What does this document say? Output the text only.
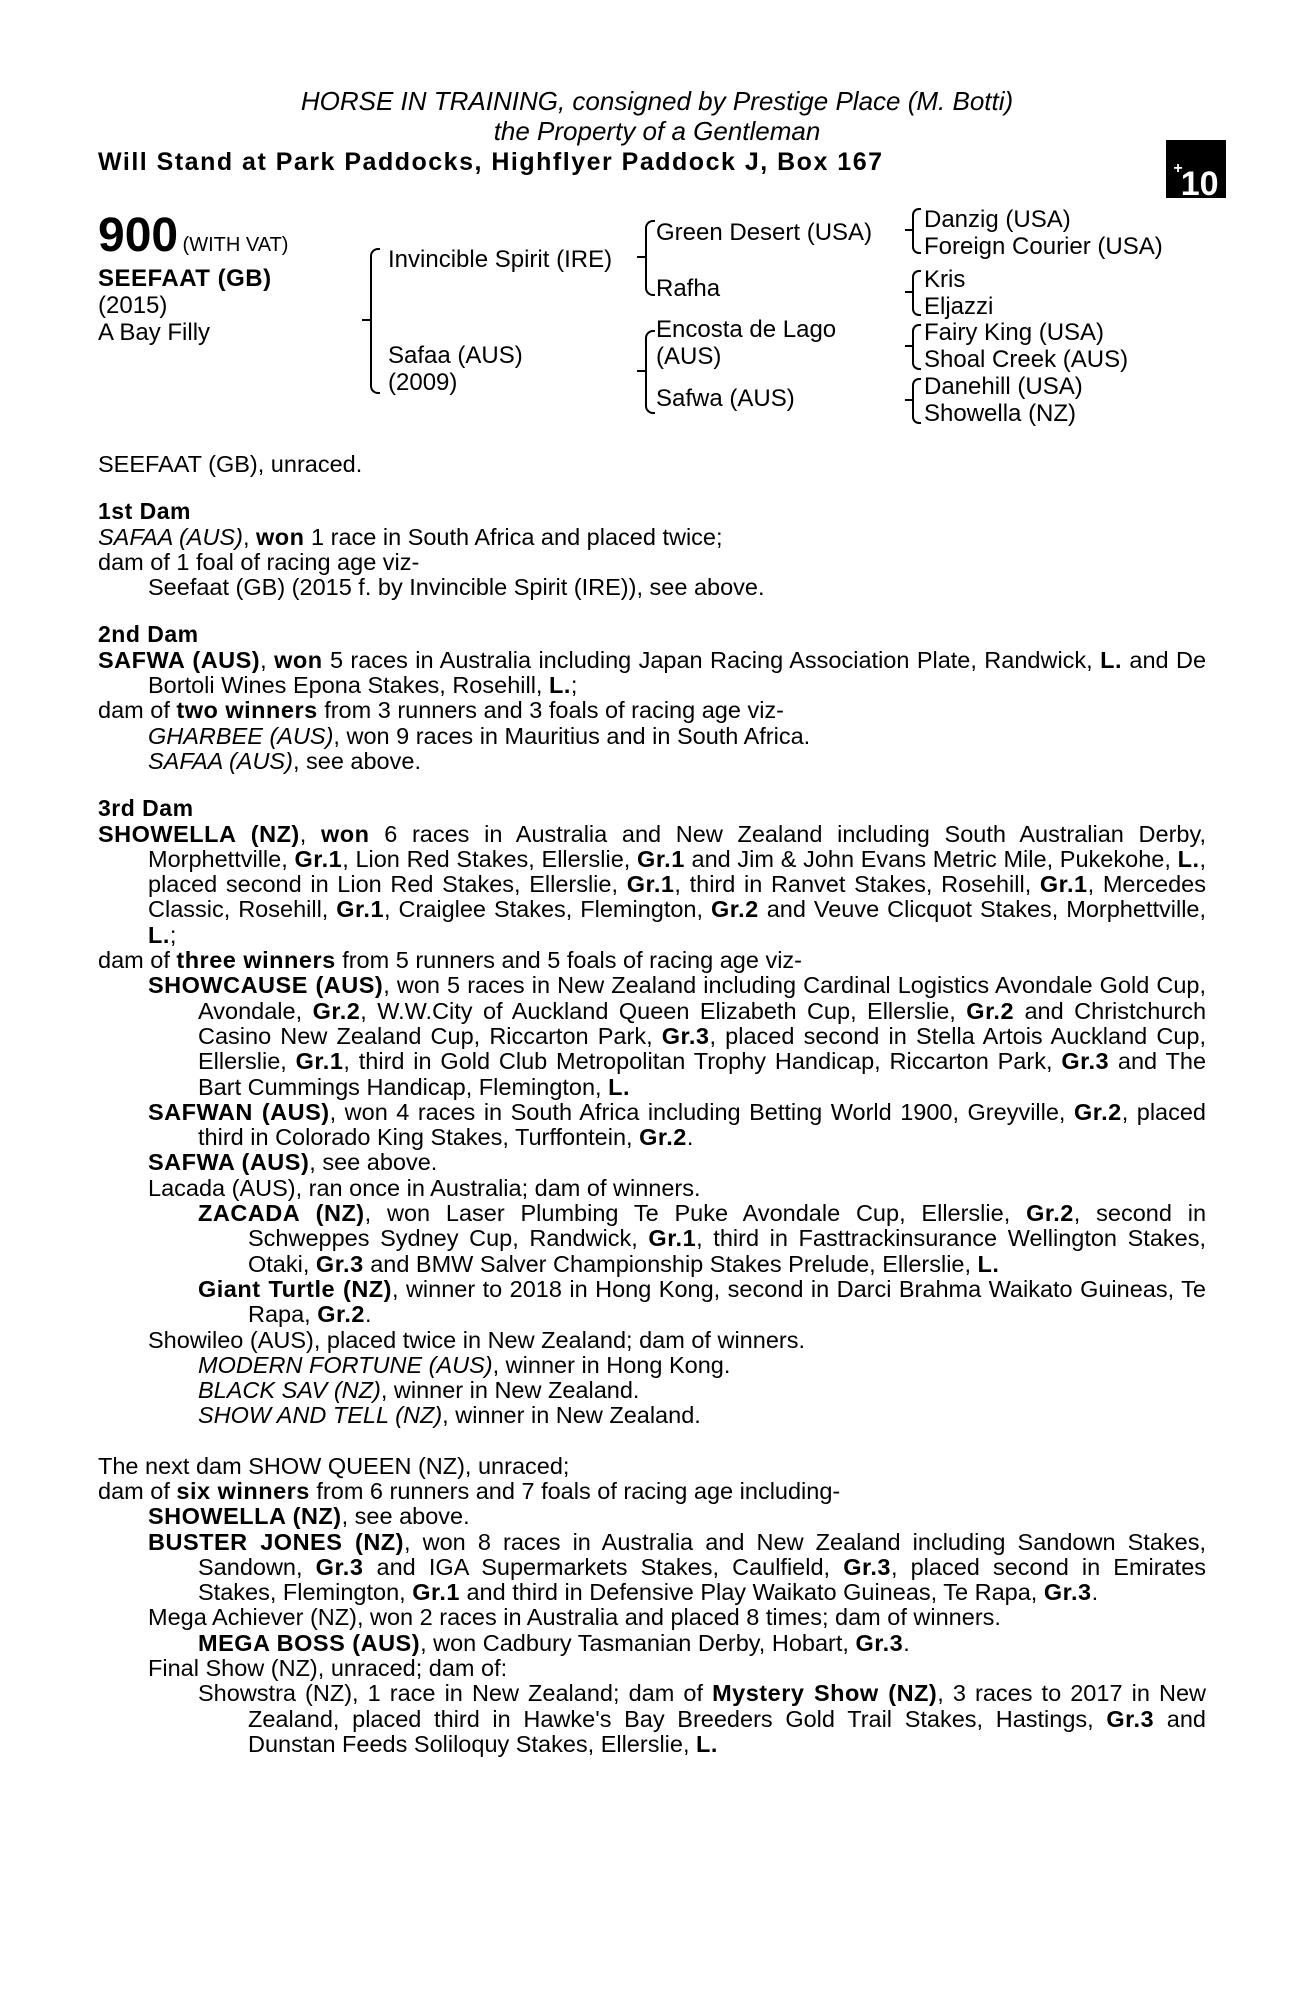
HORSE IN TRAINING, consigned by Prestige Place (M. Botti)
the Property of a Gentleman
Will Stand at Park Paddocks, Highflyer Paddock J, Box 167	+10
900 (WITH VAT)
SEEFAAT (GB)
(2015)
A Bay Filly
Invincible Spirit (IRE)
Safaa (AUS)
(2009)
Green Desert (USA)
Rafha
Encosta de Lago
(AUS)
Safwa (AUS)
Danzig (USA)
Foreign Courier (USA)
Kris
Eljazzi
Fairy King (USA)
Shoal Creek (AUS)
Danehill (USA)
Showella (NZ)
SEEFAAT (GB), unraced.
1st Dam
SAFAA (AUS), won 1 race in South Africa and placed twice;
dam of 1 foal of racing age viz-
Seefaat (GB) (2015 f. by Invincible Spirit (IRE)), see above.
2nd Dam
SAFWA (AUS), won 5 races in Australia including Japan Racing Association Plate, Randwick, L. and De Bortoli Wines Epona Stakes, Rosehill, L.;
dam of two winners from 3 runners and 3 foals of racing age viz-
GHARBEE (AUS), won 9 races in Mauritius and in South Africa.
SAFAA (AUS), see above.
3rd Dam
SHOWELLA (NZ), won 6 races in Australia and New Zealand including South Australian Derby, Morphettville, Gr.1, Lion Red Stakes, Ellerslie, Gr.1 and Jim & John Evans Metric Mile, Pukekohe, L., placed second in Lion Red Stakes, Ellerslie, Gr.1, third in Ranvet Stakes, Rosehill, Gr.1, Mercedes Classic, Rosehill, Gr.1, Craiglee Stakes, Flemington, Gr.2 and Veuve Clicquot Stakes, Morphettville, L.;
dam of three winners from 5 runners and 5 foals of racing age viz-
SHOWCAUSE (AUS), won 5 races in New Zealand including Cardinal Logistics Avondale Gold Cup, Avondale, Gr.2, W.W.City of Auckland Queen Elizabeth Cup, Ellerslie, Gr.2 and Christchurch Casino New Zealand Cup, Riccarton Park, Gr.3, placed second in Stella Artois Auckland Cup, Ellerslie, Gr.1, third in Gold Club Metropolitan Trophy Handicap, Riccarton Park, Gr.3 and The Bart Cummings Handicap, Flemington, L.
SAFWAN (AUS), won 4 races in South Africa including Betting World 1900, Greyville, Gr.2, placed third in Colorado King Stakes, Turffontein, Gr.2.
SAFWA (AUS), see above.
Lacada (AUS), ran once in Australia; dam of winners.
ZACADA (NZ), won Laser Plumbing Te Puke Avondale Cup, Ellerslie, Gr.2, second in Schweppes Sydney Cup, Randwick, Gr.1, third in Fasttrackinsurance Wellington Stakes, Otaki, Gr.3 and BMW Salver Championship Stakes Prelude, Ellerslie, L.
Giant Turtle (NZ), winner to 2018 in Hong Kong, second in Darci Brahma Waikato Guineas, Te Rapa, Gr.2.
Showileo (AUS), placed twice in New Zealand; dam of winners.
MODERN FORTUNE (AUS), winner in Hong Kong.
BLACK SAV (NZ), winner in New Zealand.
SHOW AND TELL (NZ), winner in New Zealand.
The next dam SHOW QUEEN (NZ), unraced;
dam of six winners from 6 runners and 7 foals of racing age including-
SHOWELLA (NZ), see above.
BUSTER JONES (NZ), won 8 races in Australia and New Zealand including Sandown Stakes, Sandown, Gr.3 and IGA Supermarkets Stakes, Caulfield, Gr.3, placed second in Emirates Stakes, Flemington, Gr.1 and third in Defensive Play Waikato Guineas, Te Rapa, Gr.3.
Mega Achiever (NZ), won 2 races in Australia and placed 8 times; dam of winners.
MEGA BOSS (AUS), won Cadbury Tasmanian Derby, Hobart, Gr.3.
Final Show (NZ), unraced; dam of:
Showstra (NZ), 1 race in New Zealand; dam of Mystery Show (NZ), 3 races to 2017 in New Zealand, placed third in Hawke's Bay Breeders Gold Trail Stakes, Hastings, Gr.3 and Dunstan Feeds Soliloquy Stakes, Ellerslie, L.
